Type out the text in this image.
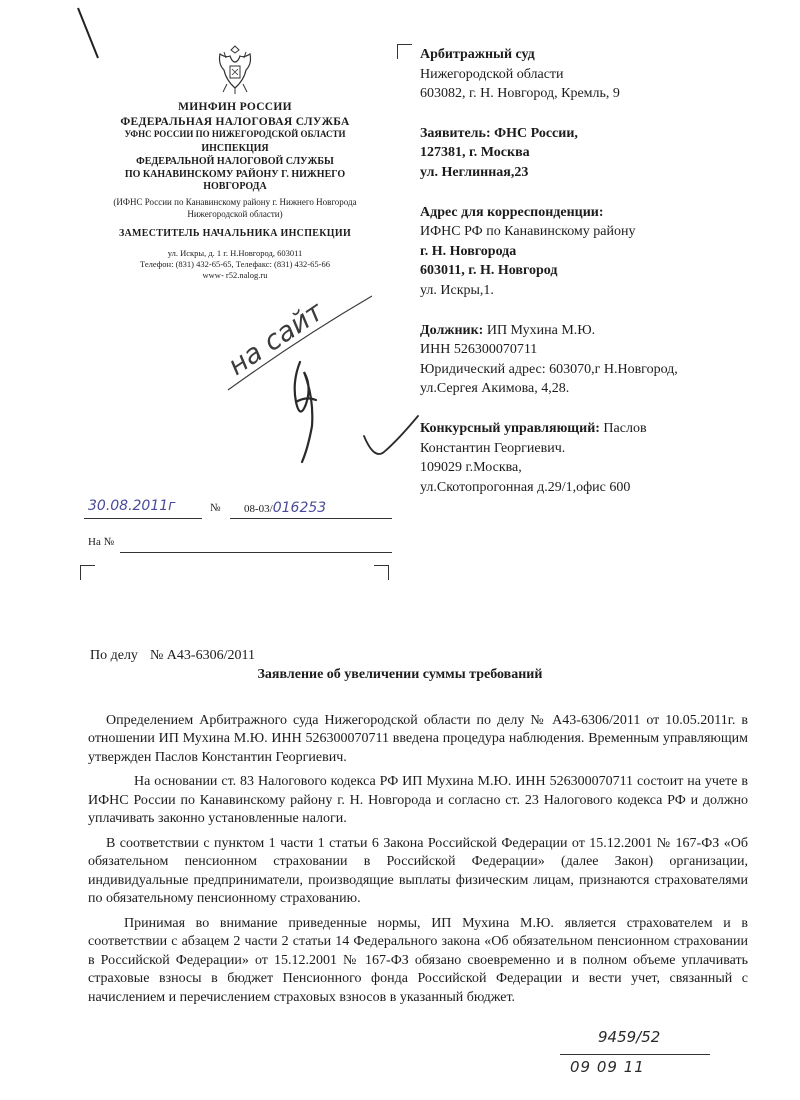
МИНФИН РОССИИ

ФЕДЕРАЛЬНАЯ НАЛОГОВАЯ СЛУЖБА

УФНС РОССИИ ПО НИЖЕГОРОДСКОЙ ОБЛАСТИ

ИНСПЕКЦИЯ

ФЕДЕРАЛЬНОЙ НАЛОГОВОЙ СЛУЖБЫ

ПО КАНАВИНСКОМУ РАЙОНУ Г. НИЖНЕГО

НОВГОРОДА

(ИФНС России по Канавинскому району г. Нижнего Новгорода

Нижегородской области)

ЗАМЕСТИТЕЛЬ НАЧАЛЬНИКА ИНСПЕКЦИИ

ул. Искры, д. 1 г. Н.Новгород, 603011

Телефон: (831) 432-65-65, Телефакс: (831) 432-65-66

www- r52.nalog.ru

Арбитражный суд

Нижегородской области

603082, г. Н. Новгород, Кремль, 9

Заявитель: ФНС России,

127381, г. Москва

ул. Неглинная,23

Адрес для корреспонденции:

ИФНС РФ по Канавинскому району

г. Н. Новгорода

603011, г. Н. Новгород

ул. Искры,1.

Должник: ИП Мухина М.Ю.

ИНН 526300070711

Юридический адрес: 603070,г Н.Новгород,

ул.Сергея Акимова, 4,28.

Конкурсный управляющий: Паслов

Константин Георгиевич.

109029 г.Москва,

ул.Скотопрогонная д.29/1,офис 600

на сайт
30.08.2011г	№ 08-03/016253
На №
По делу № А43-6306/2011
Заявление об увеличении суммы требований

Определением Арбитражного суда Нижегородской области по делу № А43-6306/2011 от 10.05.2011г. в отношении ИП Мухина М.Ю. ИНН 526300070711 введена процедура наблюдения. Временным управляющим утвержден Паслов Константин Георгиевич.

На основании ст. 83 Налогового кодекса РФ ИП Мухина М.Ю. ИНН 526300070711 состоит на учете в ИФНС России по Канавинскому району г. Н. Новгорода и согласно ст. 23 Налогового кодекса РФ и должно уплачивать законно установленные налоги.

В соответствии с пунктом 1 части 1 статьи 6 Закона Российской Федерации от 15.12.2001 № 167-ФЗ «Об обязательном пенсионном страховании в Российской Федерации» (далее Закон) организации, индивидуальные предприниматели, производящие выплаты физическим лицам, признаются страхователями по обязательному пенсионному страхованию.

Принимая во внимание приведенные нормы, ИП Мухина М.Ю. является страхователем и в соответствии с абзацем 2 части 2 статьи 14 Федерального закона «Об обязательном пенсионном страховании в Российской Федерации» от 15.12.2001 № 167-ФЗ обязано своевременно и в полном объеме уплачивать страховые взносы в бюджет Пенсионного фонда Российской Федерации и вести учет, связанный с начислением и перечислением страховых взносов в указанный бюджет.

9459/52
09 09 11
